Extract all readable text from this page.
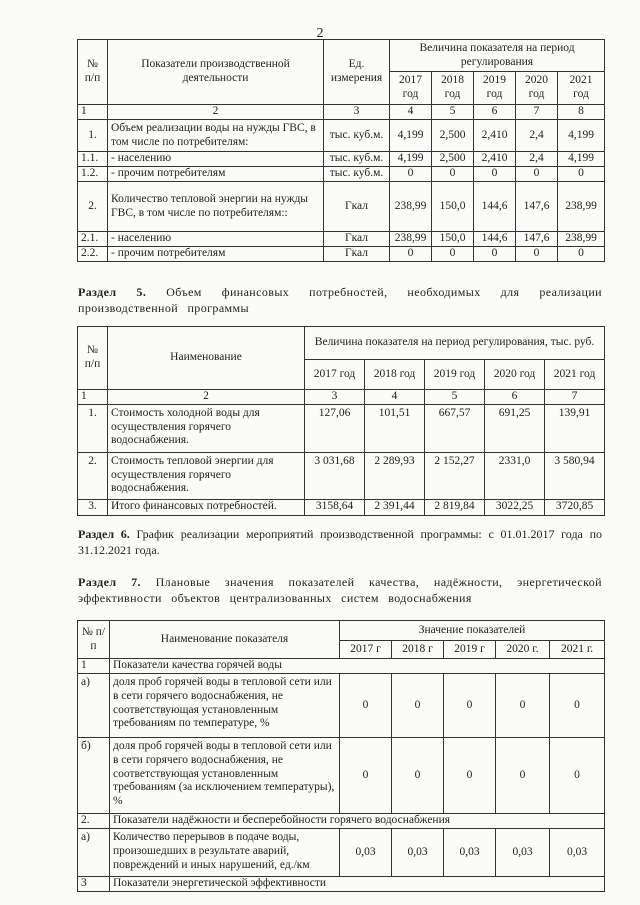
2
№ п/п	Показатели производственной деятельности	Ед. измерения	Величина показателя на период регулирования				
			2017 год	2018 год	2019 год	2020 год	2021 год
1	2	3	4	5	6	7	8
1.	Объем реализации воды на нужды ГВС, в том числе по потребителям:	тыс. куб.м.	4,199	2,500	2,410	2,4	4,199
1.1.	- населению	тыс. куб.м.	4,199	2,500	2,410	2,4	4,199
1.2.	- прочим потребителям	тыс. куб.м.	0	0	0	0	0
2.	Количество тепловой энергии на нужды ГВС, в том числе по потребителям::	Гкал	238,99	150,0	144,6	147,6	238,99
2.1.	- населению	Гкал	238,99	150,0	144,6	147,6	238,99
2.2.	- прочим потребителям	Гкал	0	0	0	0	0
Раздел 5. Объем финансовых потребностей, необходимых для реализации производственной программы
№ п/п	Наименование	Величина показателя на период регулирования, тыс. руб.				
		2017 год	2018 год	2019 год	2020 год	2021 год
1	2	3	4	5	6	7
1.	Стоимость холодной воды для осуществления горячего водоснабжения.	127,06	101,51	667,57	691,25	139,91
2.	Стоимость тепловой энергии для осуществления горячего водоснабжения.	3 031,68	2 289,93	2 152,27	2331,0	3 580,94
3.	Итого финансовых потребностей.	3158,64	2 391,44	2 819,84	3022,25	3720,85
Раздел 6. График реализации мероприятий производственной программы: с 01.01.2017 года по 31.12.2021 года.
Раздел 7. Плановые значения показателей качества, надёжности, энергетической эффективности объектов централизованных систем водоснабжения
№ п/п	Наименование показателя	Значение показателей				
		2017 г	2018 г	2019 г	2020 г.	2021 г.
1	Показатели качества горячей воды					
а)	доля проб горячей воды в тепловой сети или в сети горячего водоснабжения, не соответствующая установленным требованиям по температуре, %	0	0	0	0	0
б)	доля проб горячей воды в тепловой сети или в сети горячего водоснабжения, не соответствующая установленным требованиям (за исключением температуры), %	0	0	0	0	0
2.	Показатели надёжности и бесперебойности горячего водоснабжения					
а)	Количество перерывов в подаче воды, произошедших в результате аварий, повреждений и иных нарушений, ед./км	0,03	0,03	0,03	0,03	0,03
3	Показатели энергетической эффективности					
